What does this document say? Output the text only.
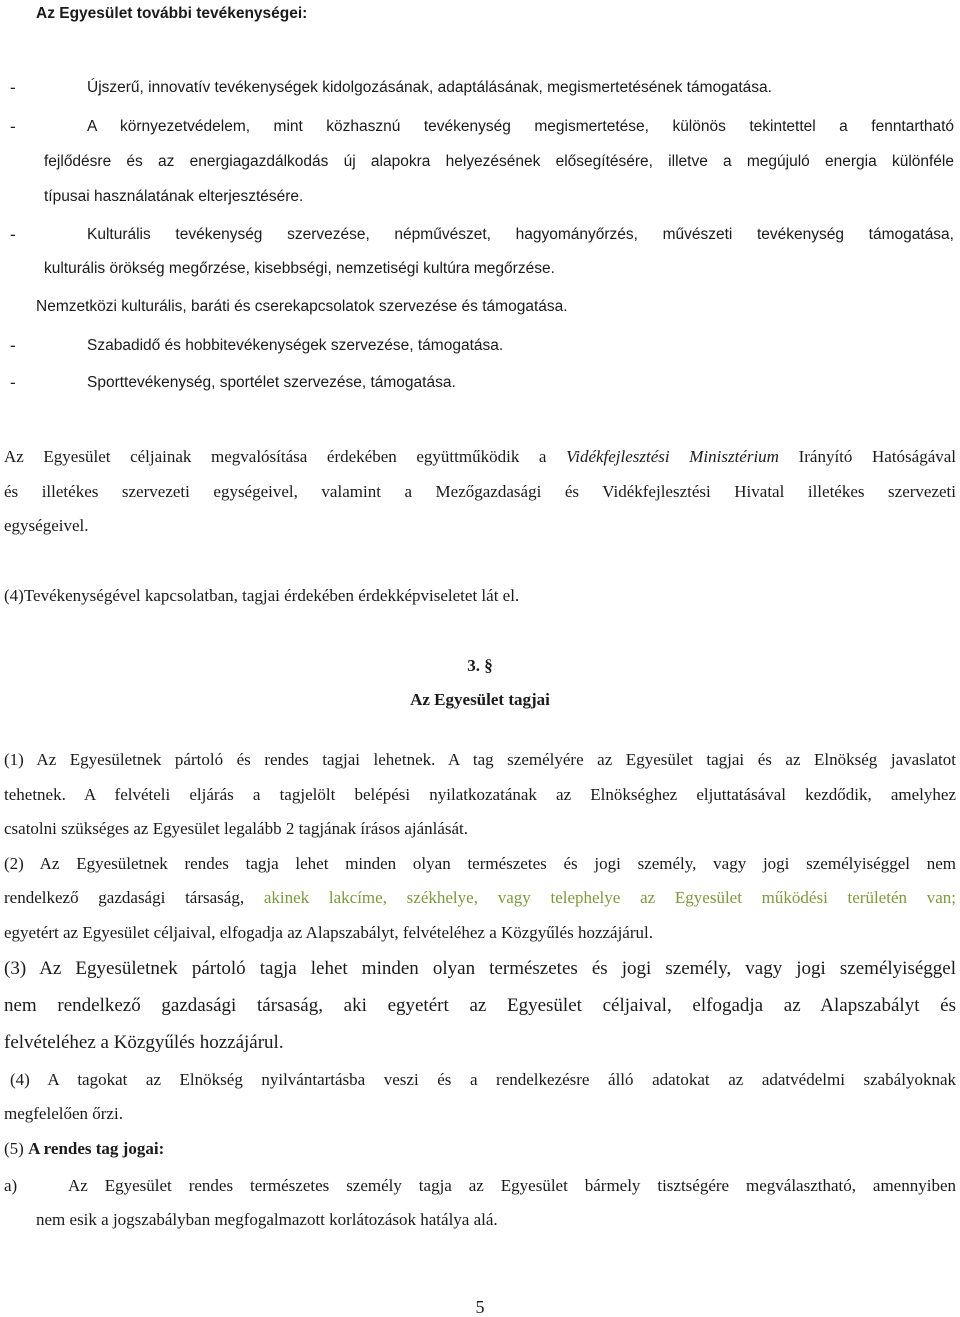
Az Egyesület további tevékenységei:
-	Újszerű, innovatív tevékenységek kidolgozásának, adaptálásának, megismertetésének támogatása.
-	A környezetvédelem, mint közhasznú tevékenység megismertetése, különös tekintettel a fenntartható
fejlődésre és az energiagazdálkodás új alapokra helyezésének elősegítésére, illetve a megújuló energia különféle
típusai használatának elterjesztésére.
-	Kulturális tevékenység szervezése, népművészet, hagyományőrzés, művészeti tevékenység támogatása,
kulturális örökség megőrzése, kisebbségi, nemzetiségi kultúra megőrzése.
Nemzetközi kulturális, baráti és cserekapcsolatok szervezése és támogatása.
-	Szabadidő és hobbitevékenységek szervezése, támogatása.
-	Sporttevékenység, sportélet szervezése, támogatása.
Az Egyesület céljainak megvalósítása érdekében együttműködik a Vidékfejlesztési Minisztérium Irányító Hatóságával
és illetékes szervezeti egységeivel, valamint a Mezőgazdasági és Vidékfejlesztési Hivatal illetékes szervezeti
egységeivel.
(4)Tevékenységével kapcsolatban, tagjai érdekében érdekképviseletet lát el.
3. §
Az Egyesület tagjai
(1) Az Egyesületnek pártoló és rendes tagjai lehetnek. A tag személyére az Egyesület tagjai és az Elnökség javaslatot
tehetnek. A felvételi eljárás a tagjelölt belépési nyilatkozatának az Elnökséghez eljuttatásával kezdődik, amelyhez
csatolni szükséges az Egyesület legalább 2 tagjának írásos ajánlását.
(2) Az Egyesületnek rendes tagja lehet minden olyan természetes és jogi személy, vagy jogi személyiséggel nem
rendelkező gazdasági társaság, akinek lakcíme, székhelye, vagy telephelye az Egyesület működési területén van;
egyetért az Egyesület céljaival, elfogadja az Alapszabályt, felvételéhez a Közgyűlés hozzájárul.
(3) Az Egyesületnek pártoló tagja lehet minden olyan természetes és jogi személy, vagy jogi személyiséggel
nem rendelkező gazdasági társaság, aki egyetért az Egyesület céljaival, elfogadja az Alapszabályt és
felvételéhez a Közgyűlés hozzájárul.
(4) A tagokat az Elnökség nyilvántartásba veszi és a rendelkezésre álló adatokat az adatvédelmi szabályoknak
megfelelően őrzi.
(5) A rendes tag jogai:
a)	Az Egyesület rendes természetes személy tagja az Egyesület bármely tisztségére megválasztható, amennyiben
nem esik a jogszabályban megfogalmazott korlátozások hatálya alá.
5
